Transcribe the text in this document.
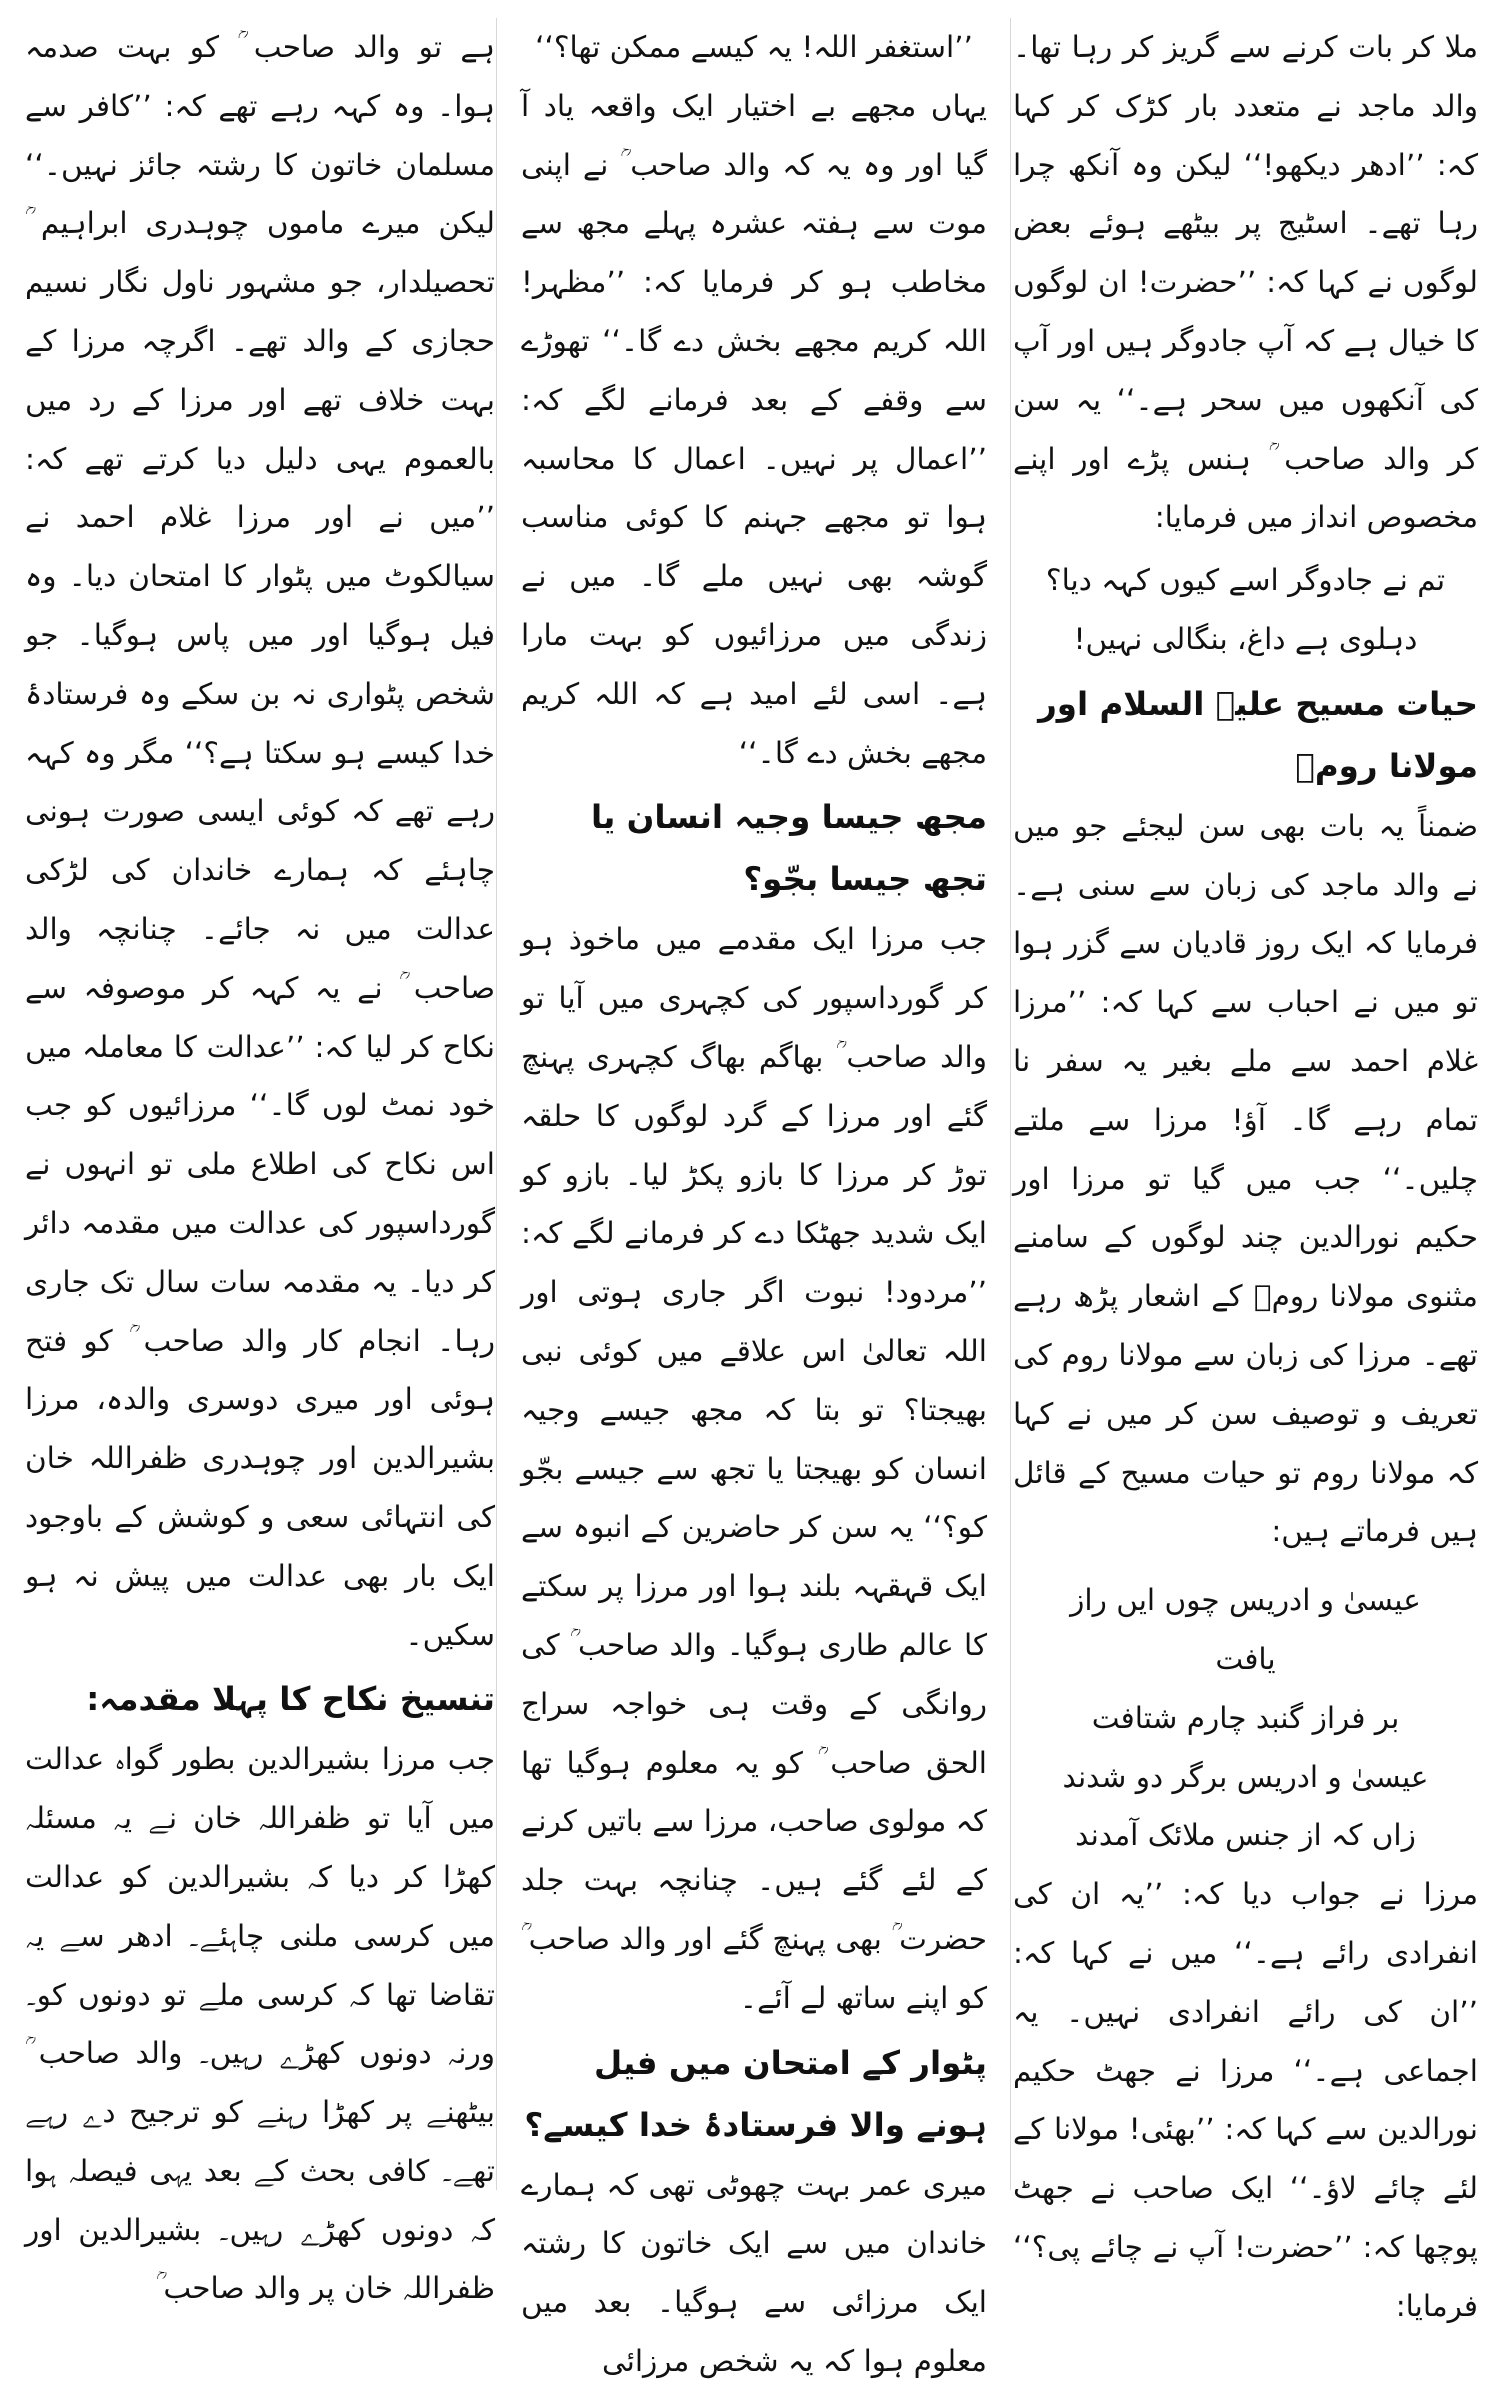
ملا کر بات کرنے سے گریز کر رہا تھا۔ والد ماجد نے متعدد بار کڑک کر کہا کہ: ’’ادھر دیکھو!‘‘ لیکن وہ آنکھ چرا رہا تھے۔ اسٹیج پر بیٹھے ہوئے بعض لوگوں نے کہا کہ: ’’حضرت! ان لوگوں کا خیال ہے کہ آپ جادوگر ہیں اور آپ کی آنکھوں میں سحر ہے۔‘‘ یہ سن کر والد صاحب ؒ ہنس پڑے اور اپنے مخصوص انداز میں فرمایا:

تم نے جادوگر اسے کیوں کہہ دیا؟

دہلوی ہے داغ، بنگالی نہیں!

حیات مسیح علیہ السلام اور مولانا رومؒ

ضمناً یہ بات بھی سن لیجئے جو میں نے والد ماجد کی زبان سے سنی ہے۔ فرمایا کہ ایک روز قادیان سے گزر ہوا تو میں نے احباب سے کہا کہ: ’’مرزا غلام احمد سے ملے بغیر یہ سفر نا تمام رہے گا۔ آؤ! مرزا سے ملتے چلیں۔‘‘ جب میں گیا تو مرزا اور حکیم نورالدین چند لوگوں کے سامنے مثنوی مولانا رومؒ کے اشعار پڑھ رہے تھے۔ مرزا کی زبان سے مولانا روم کی تعریف و توصیف سن کر میں نے کہا کہ مولانا روم تو حیات مسیح کے قائل ہیں فرماتے ہیں:

عیسیٰ و ادریس چوں ایں راز یافت
بر فراز گنبد چارم شتافت
عیسیٰ و ادریس برگر دو شدند
زاں کہ از جنس ملائک آمدند

مرزا نے جواب دیا کہ: ’’یہ ان کی انفرادی رائے ہے۔‘‘ میں نے کہا کہ: ’’ان کی رائے انفرادی نہیں۔ یہ اجماعی ہے۔‘‘ مرزا نے جھٹ حکیم نورالدین سے کہا کہ: ’’بھئی! مولانا کے لئے چائے لاؤ۔‘‘ ایک صاحب نے جھٹ پوچھا کہ: ’’حضرت! آپ نے چائے پی؟‘‘ فرمایا:

’’استغفر اللہ! یہ کیسے ممکن تھا؟‘‘

یہاں مجھے بے اختیار ایک واقعہ یاد آ گیا اور وہ یہ کہ والد صاحب ؒ نے اپنی موت سے ہفتہ عشرہ پہلے مجھ سے مخاطب ہو کر فرمایا کہ: ’’مظہر! اللہ کریم مجھے بخش دے گا۔‘‘ تھوڑے سے وقفے کے بعد فرمانے لگے کہ: ’’اعمال پر نہیں۔ اعمال کا محاسبہ ہوا تو مجھے جہنم کا کوئی مناسب گوشہ بھی نہیں ملے گا۔ میں نے زندگی میں مرزائیوں کو بہت مارا ہے۔ اسی لئے امید ہے کہ اللہ کریم مجھے بخش دے گا۔‘‘

مجھ جیسا وجیہ انسان یا تجھ جیسا بجّو؟

جب مرزا ایک مقدمے میں ماخوذ ہو کر گورداسپور کی کچہری میں آیا تو والد صاحب ؒ بھاگم بھاگ کچہری پہنچ گئے اور مرزا کے گرد لوگوں کا حلقہ توڑ کر مرزا کا بازو پکڑ لیا۔ بازو کو ایک شدید جھٹکا دے کر فرمانے لگے کہ: ’’مردود! نبوت اگر جاری ہوتی اور اللہ تعالیٰ اس علاقے میں کوئی نبی بھیجتا؟ تو بتا کہ مجھ جیسے وجیہ انسان کو بھیجتا یا تجھ سے جیسے بجّو کو؟‘‘ یہ سن کر حاضرین کے انبوہ سے ایک قہقہہ بلند ہوا اور مرزا پر سکتے کا عالم طاری ہوگیا۔ والد صاحب ؒ کی روانگی کے وقت ہی خواجہ سراج الحق صاحب ؒ کو یہ معلوم ہوگیا تھا کہ مولوی صاحب، مرزا سے باتیں کرنے کے لئے گئے ہیں۔ چنانچہ بہت جلد حضرت ؒ بھی پہنچ گئے اور والد صاحب ؒ کو اپنے ساتھ لے آئے۔

پٹوار کے امتحان میں فیل ہونے والا فرستادۂ خدا کیسے؟

میری عمر بہت چھوٹی تھی کہ ہمارے خاندان میں سے ایک خاتون کا رشتہ ایک مرزائی سے ہوگیا۔ بعد میں معلوم ہوا کہ یہ شخص مرزائی

ہے تو والد صاحب ؒ کو بہت صدمہ ہوا۔ وہ کہہ رہے تھے کہ: ’’کافر سے مسلمان خاتون کا رشتہ جائز نہیں۔‘‘ لیکن میرے ماموں چوہدری ابراہیم ؒ تحصیلدار، جو مشہور ناول نگار نسیم حجازی کے والد تھے۔ اگرچہ مرزا کے بہت خلاف تھے اور مرزا کے رد میں بالعموم یہی دلیل دیا کرتے تھے کہ: ’’میں نے اور مرزا غلام احمد نے سیالکوٹ میں پٹوار کا امتحان دیا۔ وہ فیل ہوگیا اور میں پاس ہوگیا۔ جو شخص پٹواری نہ بن سکے وہ فرستادۂ خدا کیسے ہو سکتا ہے؟‘‘ مگر وہ کہہ رہے تھے کہ کوئی ایسی صورت ہونی چاہئے کہ ہمارے خاندان کی لڑکی عدالت میں نہ جائے۔ چنانچہ والد صاحب ؒ نے یہ کہہ کر موصوفہ سے نکاح کر لیا کہ: ’’عدالت کا معاملہ میں خود نمٹ لوں گا۔‘‘ مرزائیوں کو جب اس نکاح کی اطلاع ملی تو انہوں نے گورداسپور کی عدالت میں مقدمہ دائر کر دیا۔ یہ مقدمہ سات سال تک جاری رہا۔ انجام کار والد صاحب ؒ کو فتح ہوئی اور میری دوسری والدہ، مرزا بشیرالدین اور چوہدری ظفراللہ خان کی انتہائی سعی و کوشش کے باوجود ایک بار بھی عدالت میں پیش نہ ہو سکیں۔

تنسیخ نکاح کا پہلا مقدمہ:

جب مرزا بشیرالدین بطور گواہ عدالت میں آیا تو ظفراللہ خان نے یہ مسئلہ کھڑا کر دیا کہ بشیرالدین کو عدالت میں کرسی ملنی چاہئے۔ ادھر سے یہ تقاضا تھا کہ کرسی ملے تو دونوں کو۔ ورنہ دونوں کھڑے رہیں۔ والد صاحب ؒ بیٹھنے پر کھڑا رہنے کو ترجیح دے رہے تھے۔ کافی بحث کے بعد یہی فیصلہ ہوا کہ دونوں کھڑے رہیں۔ بشیرالدین اور ظفراللہ خان پر والد صاحب ؒ
